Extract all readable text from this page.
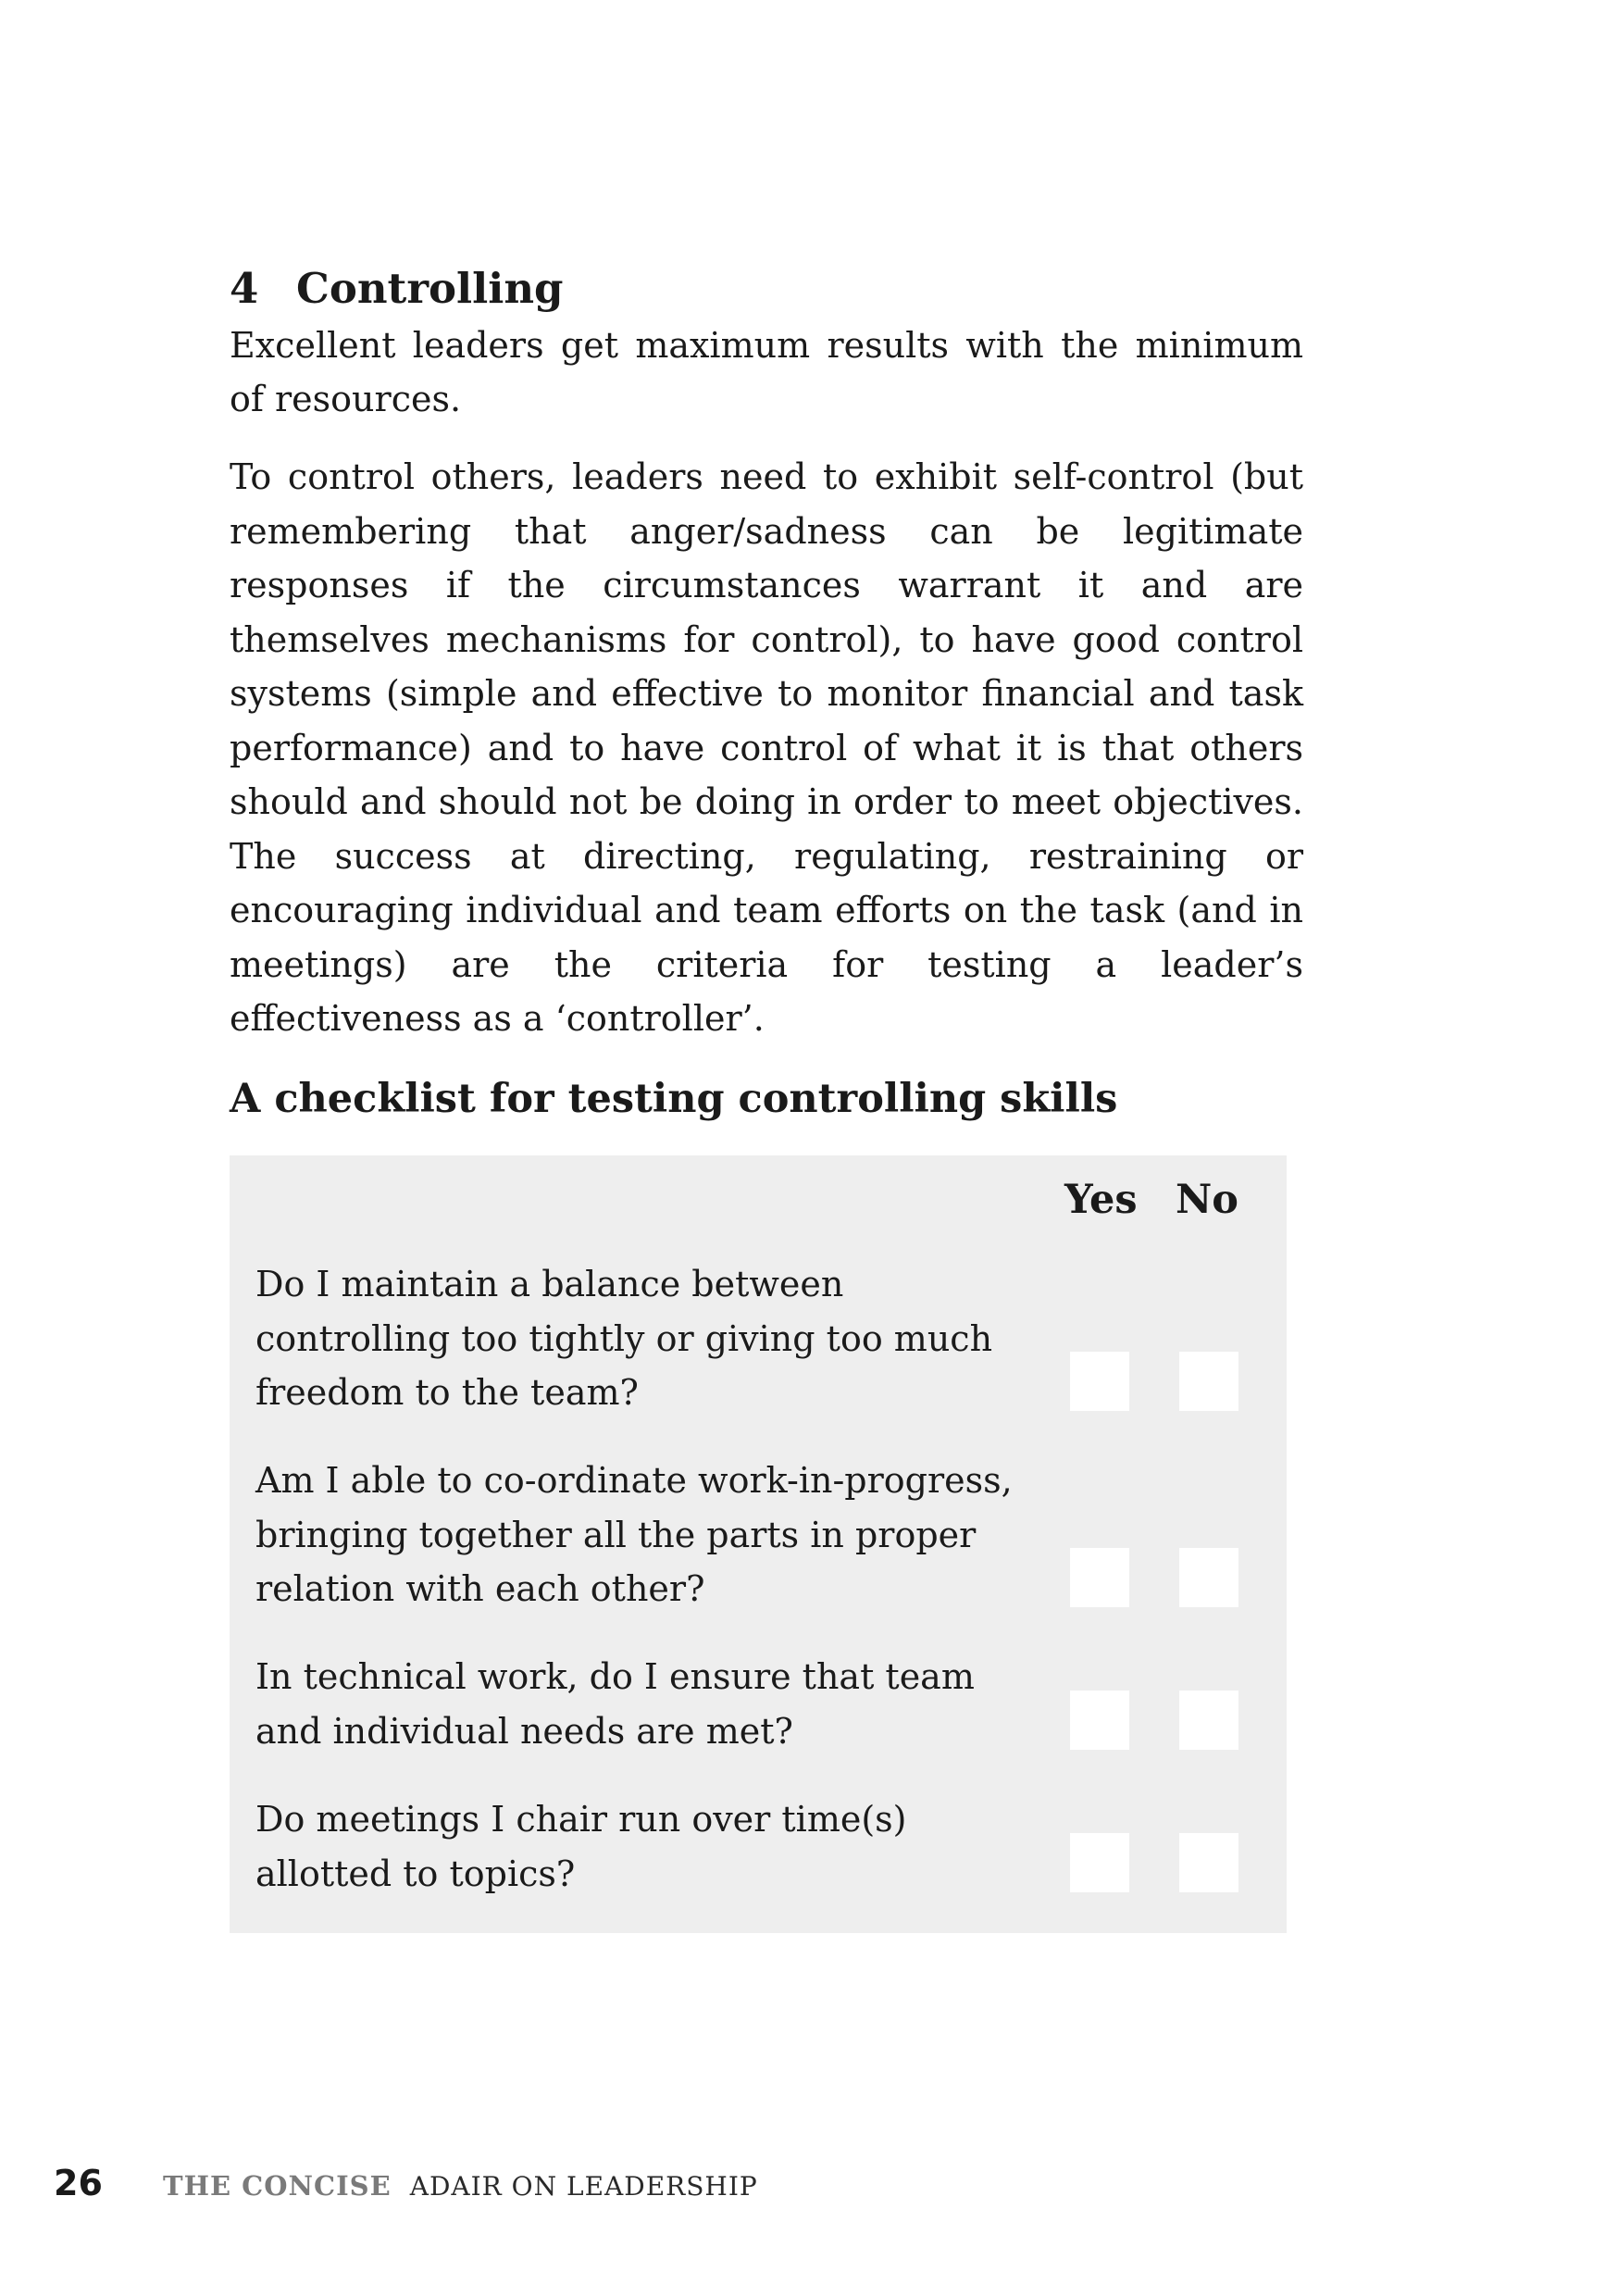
4 Controlling

Excellent leaders get maximum results with the minimum of resources.

To control others, leaders need to exhibit self-control (but remembering that anger/sadness can be legitimate responses if the circumstances warrant it and are themselves mechanisms for control), to have good control systems (simple and effective to monitor financial and task performance) and to have control of what it is that others should and should not be doing in order to meet objectives. The success at directing, regulating, restraining or encouraging individual and team efforts on the task (and in meetings) are the criteria for testing a leader’s effectiveness as a ‘controller’.

A checklist for testing controlling skills
Yes No
Do I maintain a balance between controlling too tightly or giving too much freedom to the team?
Am I able to co-ordinate work-in-progress, bringing together all the parts in proper relation with each other?
In technical work, do I ensure that team and individual needs are met?
Do meetings I chair run over time(s) allotted to topics?
26	THE CONCISE ADAIR ON LEADERSHIP
